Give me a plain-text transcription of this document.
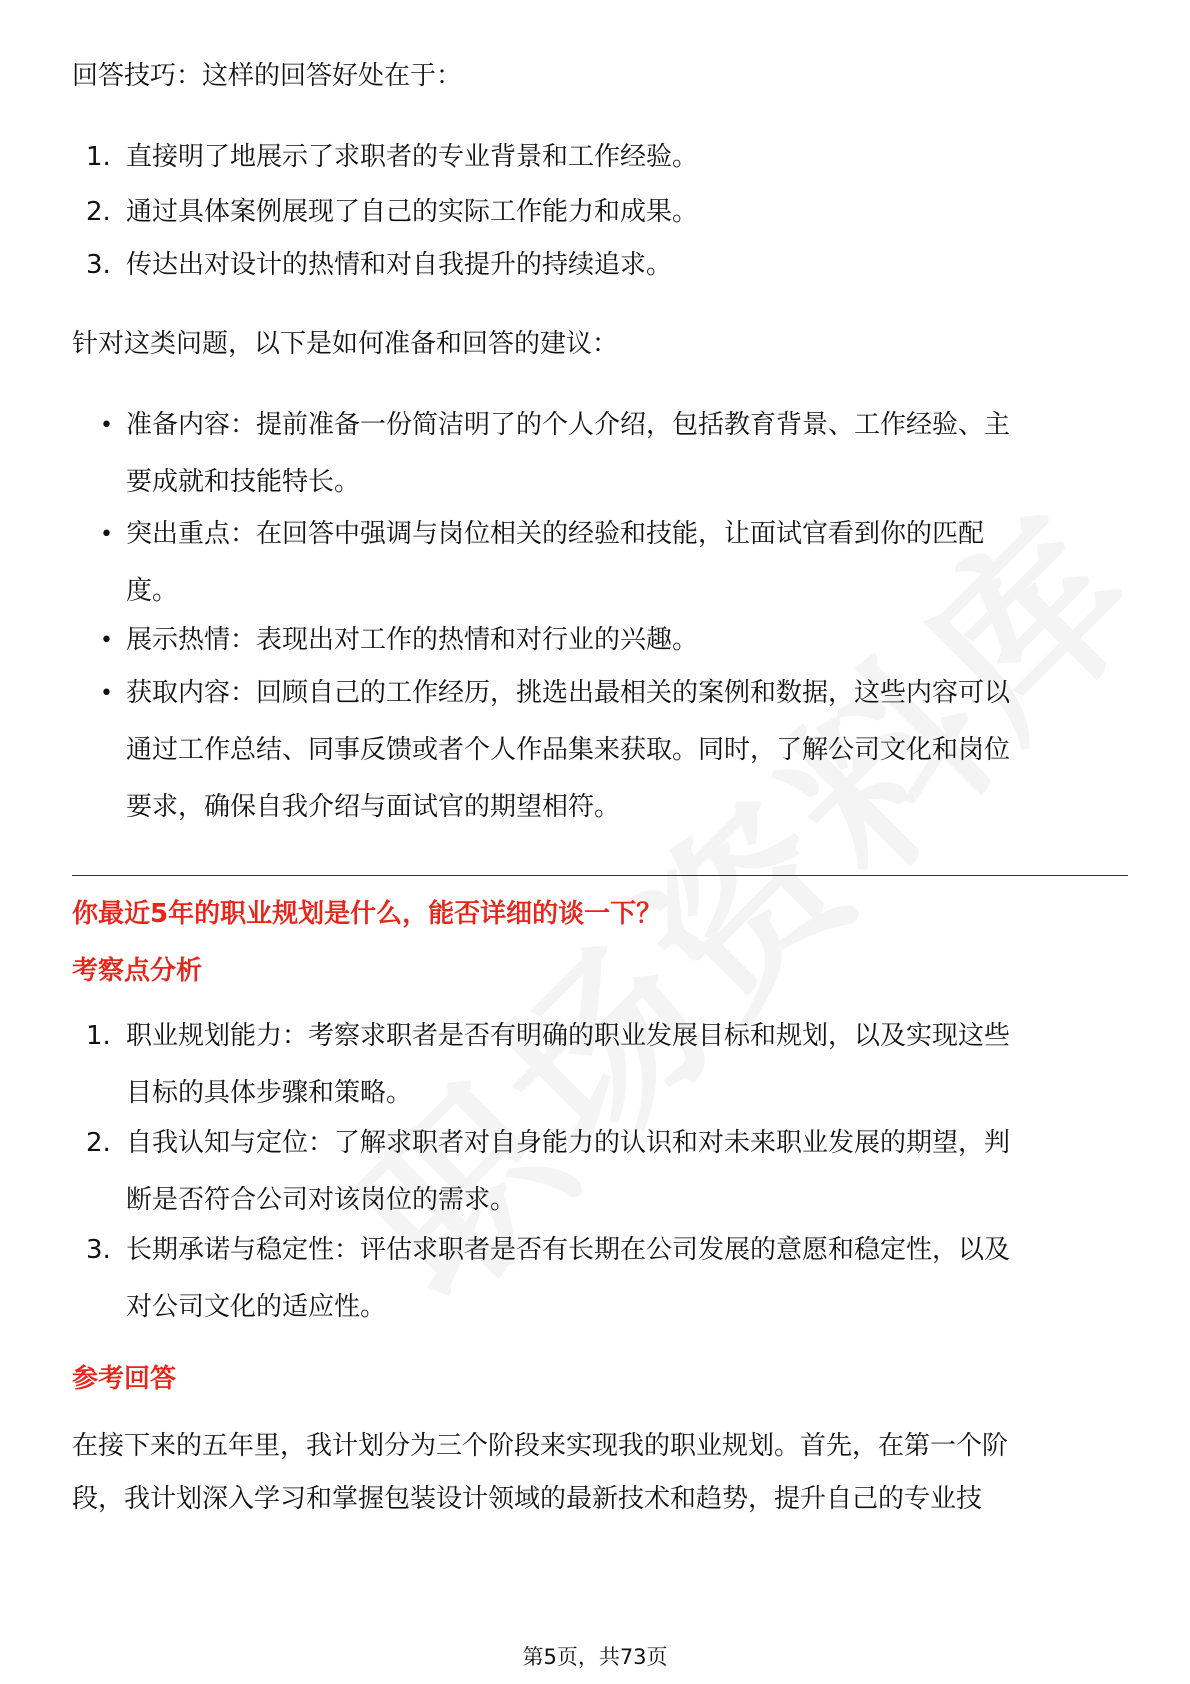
回答技巧：这样的回答好处在于：

1. 直接明了地展示了求职者的专业背景和工作经验。
2. 通过具体案例展现了自己的实际工作能力和成果。
3. 传达出对设计的热情和对自我提升的持续追求。

针对这类问题，以下是如何准备和回答的建议：

• 准备内容：提前准备一份简洁明了的个人介绍，包括教育背景、工作经验、主
要成就和技能特长。
• 突出重点：在回答中强调与岗位相关的经验和技能，让面试官看到你的匹配
度。
• 展示热情：表现出对工作的热情和对行业的兴趣。
• 获取内容：回顾自己的工作经历，挑选出最相关的案例和数据，这些内容可以
通过工作总结、同事反馈或者个人作品集来获取。同时，了解公司文化和岗位
要求，确保自我介绍与面试官的期望相符。
你最近5年的职业规划是什么，能否详细的谈一下？
考察点分析
1. 职业规划能力：考察求职者是否有明确的职业发展目标和规划，以及实现这些
目标的具体步骤和策略。
2. 自我认知与定位：了解求职者对自身能力的认识和对未来职业发展的期望，判
断是否符合公司对该岗位的需求。
3. 长期承诺与稳定性：评估求职者是否有长期在公司发展的意愿和稳定性，以及
对公司文化的适应性。
参考回答

在接下来的五年里，我计划分为三个阶段来实现我的职业规划。首先，在第一个阶

段，我计划深入学习和掌握包装设计领域的最新技术和趋势，提升自己的专业技

第5页，共73页
